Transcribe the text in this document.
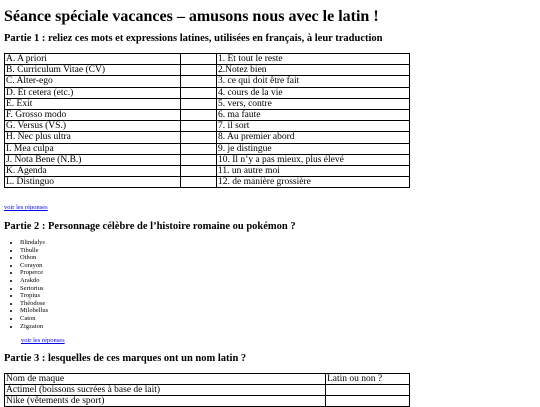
Séance spéciale vacances – amusons nous avec le latin !
Partie 1 : reliez ces mots et expressions latines, utilisées en français, à leur traduction
A. A priori		1. Et tout le reste
B. Curriculum Vitae (CV)		2.Notez bien
C. Alter-ego		3. ce qui doit être fait
D. Et cetera (etc.)		4. cours de la vie
E. Exit		5. vers, contre
F. Grosso modo		6. ma faute
G. Versus (VS.)		7. il sort
H. Nec plus ultra		8. Au premier abord
I. Mea culpa		9. je distingue
J. Nota Bene (N.B.)		10. Il n’y a pas mieux, plus élevé
K. Agenda		11. un autre moi
L. Distinguo		12. de manière grossière
voir les réponses
Partie 2 : Personnage célèbre de l’histoire romaine ou pokémon ?
• Blindalys
• Tibulle
• Othon
• Corayon
• Properce
• Arakdo
• Sertorius
• Tropius
• Théodose
• Milobellus
• Caton
• Zigzaton
voir les réponses
Partie 3 : lesquelles de ces marques ont un nom latin ?
Nom de maque	Latin ou non ?
Actimel (boissons sucrées à base de lait)	
Nike (vêtements de sport)	
